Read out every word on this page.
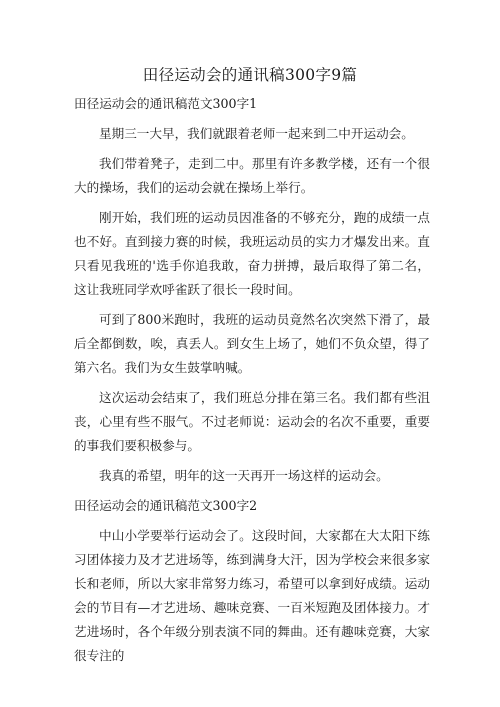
田径运动会的通讯稿300字9篇
田径运动会的通讯稿范文300字1

星期三一大早，我们就跟着老师一起来到二中开运动会。

我们带着凳子，走到二中。那里有许多教学楼，还有一个很大的操场，我们的运动会就在操场上举行。

刚开始，我们班的运动员因准备的不够充分，跑的成绩一点也不好。直到接力赛的时候，我班运动员的实力才爆发出来。直只看见我班的'选手你追我敢，奋力拼搏，最后取得了第二名，这让我班同学欢呼雀跃了很长一段时间。

可到了800米跑时，我班的运动员竟然名次突然下滑了，最后全都倒数，唉，真丢人。到女生上场了，她们不负众望，得了第六名。我们为女生鼓掌呐喊。

这次运动会结束了，我们班总分排在第三名。我们都有些沮丧，心里有些不服气。不过老师说：运动会的名次不重要，重要的事我们要积极参与。

我真的希望，明年的这一天再开一场这样的运动会。

田径运动会的通讯稿范文300字2

中山小学要举行运动会了。这段时间，大家都在大太阳下练习团体接力及才艺进场等，练到满身大汗，因为学校会来很多家长和老师，所以大家非常努力练习，希望可以拿到好成绩。运动会的节目有—才艺进场、趣味竞赛、一百米短跑及团体接力。才艺进场时，各个年级分别表演不同的舞曲。还有趣味竞赛，大家很专注的
